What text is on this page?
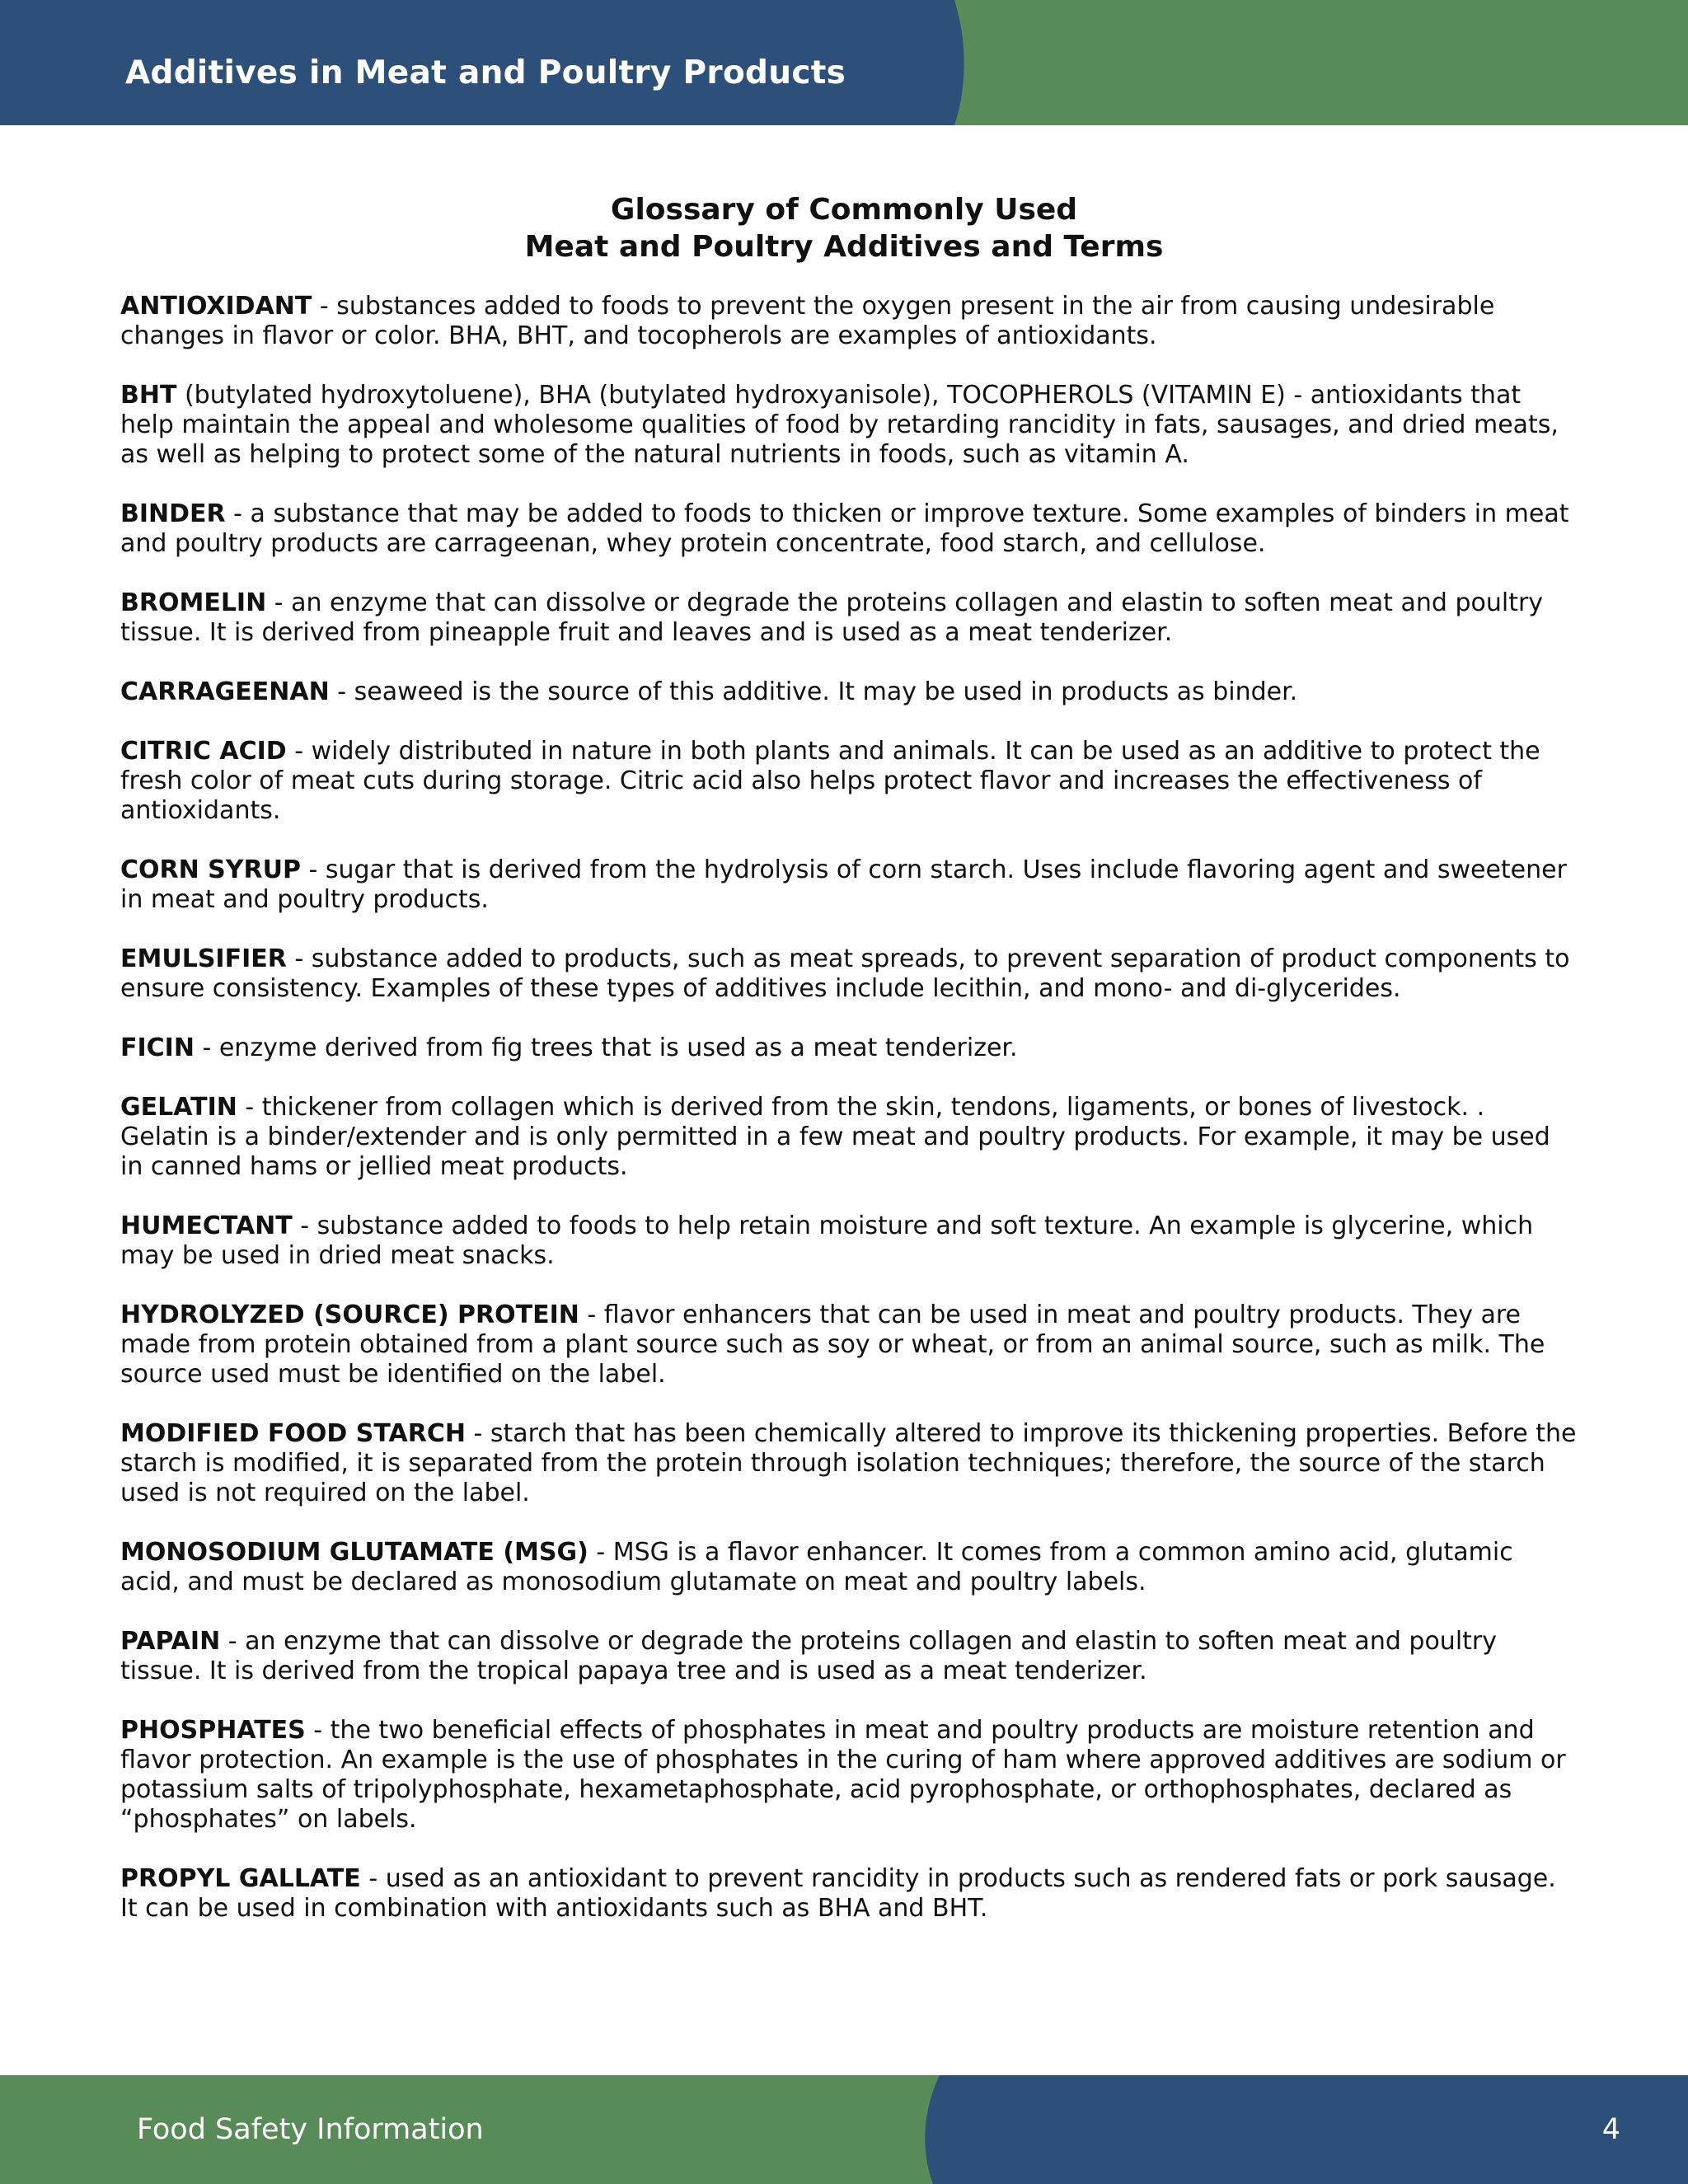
Additives in Meat and Poultry Products
Glossary of Commonly Used
Meat and Poultry Additives and Terms

ANTIOXIDANT - substances added to foods to prevent the oxygen present in the air from causing undesirable changes in flavor or color. BHA, BHT, and tocopherols are examples of antioxidants.

BHT (butylated hydroxytoluene), BHA (butylated hydroxyanisole), TOCOPHEROLS (VITAMIN E) - antioxidants that help maintain the appeal and wholesome qualities of food by retarding rancidity in fats, sausages, and dried meats, as well as helping to protect some of the natural nutrients in foods, such as vitamin A.

BINDER - a substance that may be added to foods to thicken or improve texture. Some examples of binders in meat and poultry products are carrageenan, whey protein concentrate, food starch, and cellulose.

BROMELIN - an enzyme that can dissolve or degrade the proteins collagen and elastin to soften meat and poultry tissue. It is derived from pineapple fruit and leaves and is used as a meat tenderizer.

CARRAGEENAN - seaweed is the source of this additive. It may be used in products as binder.

CITRIC ACID - widely distributed in nature in both plants and animals. It can be used as an additive to protect the fresh color of meat cuts during storage. Citric acid also helps protect flavor and increases the effectiveness of antioxidants.

CORN SYRUP - sugar that is derived from the hydrolysis of corn starch. Uses include flavoring agent and sweetener in meat and poultry products.

EMULSIFIER - substance added to products, such as meat spreads, to prevent separation of product components to ensure consistency. Examples of these types of additives include lecithin, and mono- and di-glycerides.

FICIN - enzyme derived from fig trees that is used as a meat tenderizer.

GELATIN - thickener from collagen which is derived from the skin, tendons, ligaments, or bones of livestock. . Gelatin is a binder/extender and is only permitted in a few meat and poultry products. For example, it may be used in canned hams or jellied meat products.

HUMECTANT - substance added to foods to help retain moisture and soft texture. An example is glycerine, which may be used in dried meat snacks.

HYDROLYZED (SOURCE) PROTEIN - flavor enhancers that can be used in meat and poultry products. They are made from protein obtained from a plant source such as soy or wheat, or from an animal source, such as milk. The source used must be identified on the label.

MODIFIED FOOD STARCH - starch that has been chemically altered to improve its thickening properties. Before the starch is modified, it is separated from the protein through isolation techniques; therefore, the source of the starch used is not required on the label.

MONOSODIUM GLUTAMATE (MSG) - MSG is a flavor enhancer. It comes from a common amino acid, glutamic acid, and must be declared as monosodium glutamate on meat and poultry labels.

PAPAIN - an enzyme that can dissolve or degrade the proteins collagen and elastin to soften meat and poultry tissue. It is derived from the tropical papaya tree and is used as a meat tenderizer.

PHOSPHATES - the two beneficial effects of phosphates in meat and poultry products are moisture retention and flavor protection. An example is the use of phosphates in the curing of ham where approved additives are sodium or potassium salts of tripolyphosphate, hexametaphosphate, acid pyrophosphate, or orthophosphates, declared as “phosphates” on labels.

PROPYL GALLATE - used as an antioxidant to prevent rancidity in products such as rendered fats or pork sausage. It can be used in combination with antioxidants such as BHA and BHT.

Food Safety Information	4
